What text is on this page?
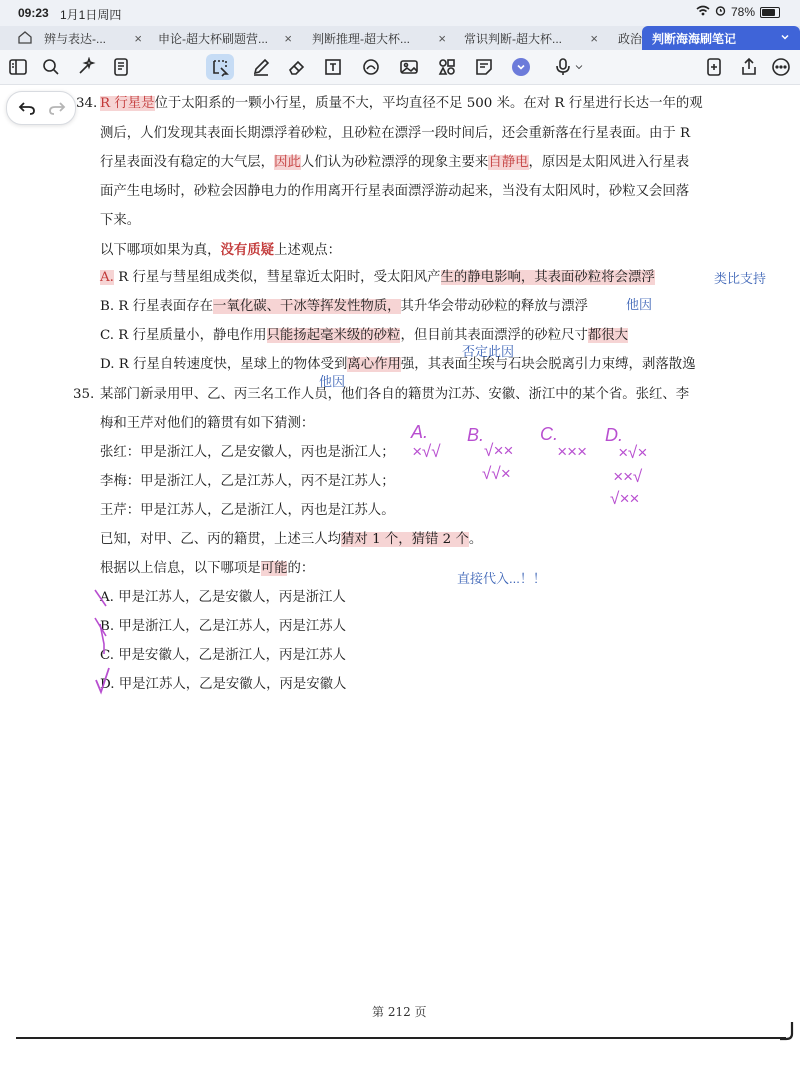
09:23 1月1日周四	78%
辨与表达-... ×	申论-超大杯刷题营... ×	判断推理-超大杯... ×	常识判断-超大杯... ×	政治 判断海海刷笔记
34. R 行星是位于太阳系的一颗小行星，质量不大，平均直径不足 500 米。在对 R 行星进行长达一年的观
测后，人们发现其表面长期漂浮着砂粒，且砂粒在漂浮一段时间后，还会重新落在行星表面。由于 R
行星表面没有稳定的大气层，因此人们认为砂粒漂浮的现象主要来自静电，原因是太阳风进入行星表
面产生电场时，砂粒会因静电力的作用离开行星表面漂浮游动起来，当没有太阳风时，砂粒又会回落
下来。
以下哪项如果为真，没有质疑上述观点：
A. R 行星与彗星组成类似，彗星靠近太阳时，受太阳风产生的静电影响，其表面砂粒将会漂浮	类比支持
B. R 行星表面存在一氧化碳、干冰等挥发性物质，其升华会带动砂粒的释放与漂浮	他因
C. R 行星质量小，静电作用只能扬起毫米级的砂粒，但目前其表面漂浮的砂粒尺寸都很大
否定此因
D. R 行星自转速度快，星球上的物体受到离心作用强，其表面尘埃与石块会脱离引力束缚，剥落散逸
他因
35. 某部门新录用甲、乙、丙三名工作人员，他们各自的籍贯为江苏、安徽、浙江中的某个省。张红、李
梅和王芹对他们的籍贯有如下猜测：
张红：甲是浙江人，乙是安徽人，丙也是浙江人；
李梅：甲是浙江人，乙是江苏人，丙不是江苏人；
王芹：甲是江苏人，乙是浙江人，丙也是江苏人。
已知，对甲、乙、丙的籍贯，上述三人均猜对 1 个，猜错 2 个。
根据以上信息，以下哪项是可能的：
直接代入...！！
A. 甲是江苏人，乙是安徽人，丙是浙江人
B. 甲是浙江人，乙是江苏人，丙是江苏人
C. 甲是安徽人，乙是浙江人，丙是江苏人
D. 甲是江苏人，乙是安徽人，丙是安徽人
A.
×√√
B.
√××
√√×
C.
×××
D.
×√×
××√
√××
第 212 页
